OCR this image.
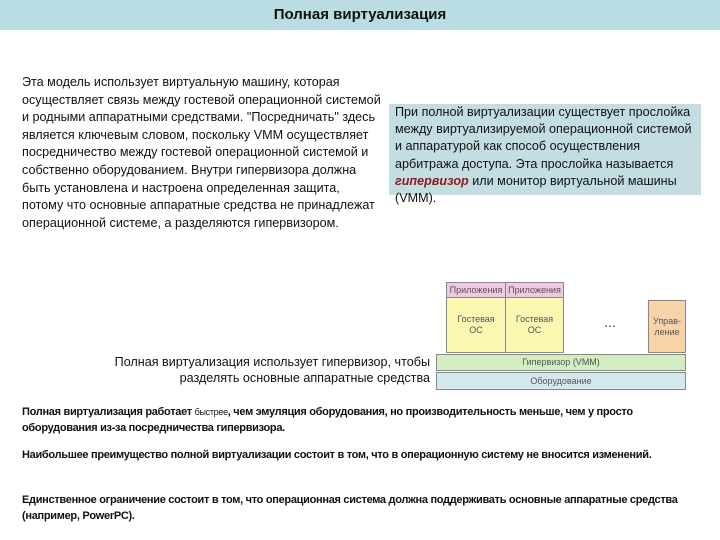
Полная виртуализация
Эта модель использует виртуальную машину, которая осуществляет связь между гостевой операционной системой и родными аппаратными средствами. "Посредничать" здесь является ключевым словом, поскольку VMM осуществляет посредничество между гостевой операционной системой и собственно оборудованием. Внутри гипервизора должна быть установлена и настроена определенная защита, потому что основные аппаратные средства не принадлежат операционной системе, а разделяются гипервизором.
При полной виртуализации существует прослойка между виртуализируемой операционной системой и аппаратурой как способ осуществления арбитража доступа. Эта прослойка называется гипервизор или монитор виртуальной машины (VMM).
Приложения Приложения
Гостевая ОС
Гостевая ОС
...	Управ-ление
Гипервизор (VMM)
Оборудование
Полная виртуализация использует гипервизор, чтобы
разделять основные аппаратные средства
Полная виртуализация работает быстрее, чем эмуляция оборудования, но производительность меньше, чем у просто оборудования из-за посредничества гипервизора.
Наибольшее преимущество полной виртуализации состоит в том, что в операционную систему не вносится изменений.
Единственное ограничение состоит в том, что операционная система должна поддерживать основные аппаратные средства (например, PowerPC).
